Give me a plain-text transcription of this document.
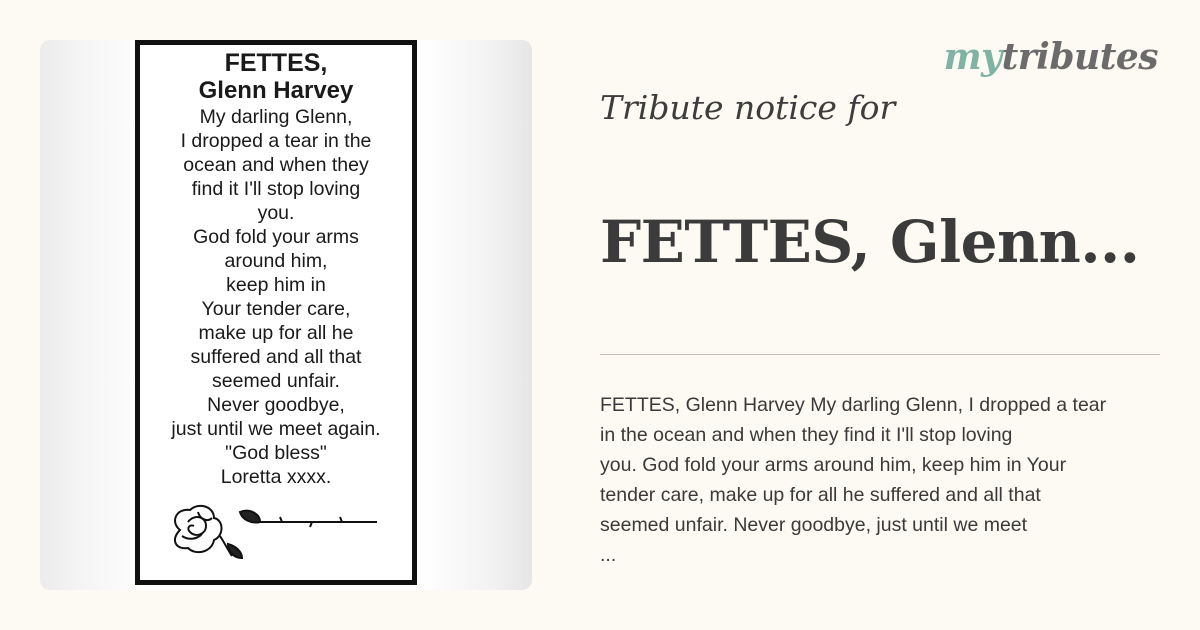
FETTES,
Glenn Harvey
My darling Glenn,
I dropped a tear in the
ocean and when they
find it I'll stop loving
you.
God fold your arms
around him,
keep him in
Your tender care,
make up for all he
suffered and all that
seemed unfair.
Never goodbye,
just until we meet again.
"God bless"
Loretta xxxx.
mytributes
Tribute notice for
FETTES, Glenn...
FETTES, Glenn Harvey My darling Glenn, I dropped a tear
in the ocean and when they find it I'll stop loving
you. God fold your arms around him, keep him in Your
tender care, make up for all he suffered and all that
seemed unfair. Never goodbye, just until we meet
...
